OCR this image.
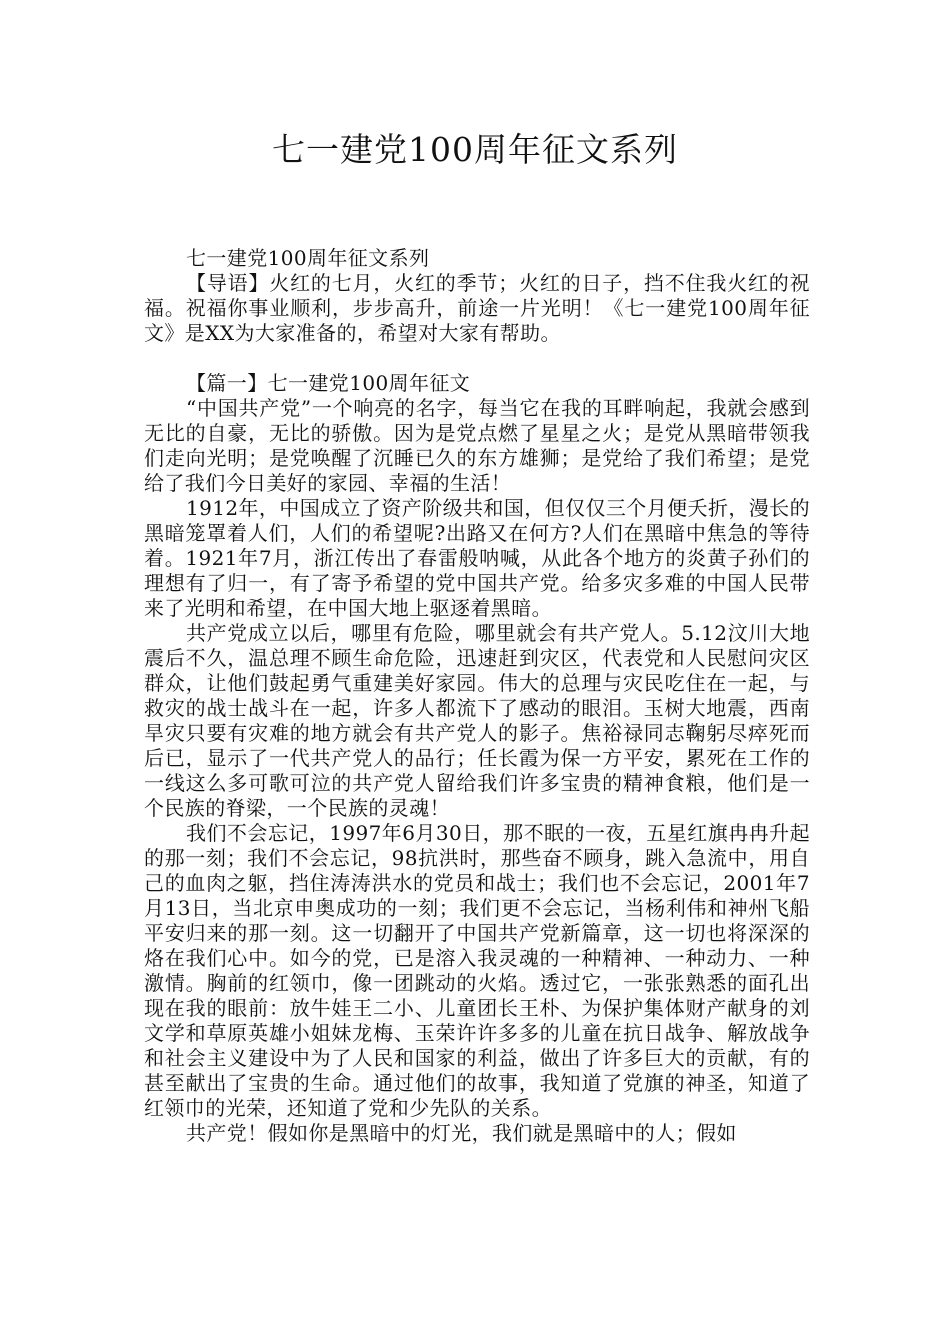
七一建党100周年征文系列

七一建党100周年征文系列

【导语】火红的七月，火红的季节；火红的日子，挡不住我火红的祝福。祝福你事业顺利，步步高升，前途一片光明！《七一建党100周年征文》是XX为大家准备的，希望对大家有帮助。

【篇一】七一建党100周年征文

“中国共产党”一个响亮的名字，每当它在我的耳畔响起，我就会感到无比的自豪，无比的骄傲。因为是党点燃了星星之火；是党从黑暗带领我们走向光明；是党唤醒了沉睡已久的东方雄狮；是党给了我们希望；是党给了我们今日美好的家园、幸福的生活！

1912年，中国成立了资产阶级共和国，但仅仅三个月便夭折，漫长的黑暗笼罩着人们，人们的希望呢?出路又在何方?人们在黑暗中焦急的等待着。1921年7月，浙江传出了春雷般呐喊，从此各个地方的炎黄子孙们的理想有了归一，有了寄予希望的党中国共产党。给多灾多难的中国人民带来了光明和希望，在中国大地上驱逐着黑暗。

共产党成立以后，哪里有危险，哪里就会有共产党人。5.12汶川大地震后不久，温总理不顾生命危险，迅速赶到灾区，代表党和人民慰问灾区群众，让他们鼓起勇气重建美好家园。伟大的总理与灾民吃住在一起，与救灾的战士战斗在一起，许多人都流下了感动的眼泪。玉树大地震，西南旱灾只要有灾难的地方就会有共产党人的影子。焦裕禄同志鞠躬尽瘁死而后已，显示了一代共产党人的品行；任长霞为保一方平安，累死在工作的一线这么多可歌可泣的共产党人留给我们许多宝贵的精神食粮，他们是一个民族的脊梁，一个民族的灵魂！

我们不会忘记，1997年6月30日，那不眠的一夜，五星红旗冉冉升起的那一刻；我们不会忘记，98抗洪时，那些奋不顾身，跳入急流中，用自己的血肉之躯，挡住涛涛洪水的党员和战士；我们也不会忘记，2001年7月13日，当北京申奥成功的一刻；我们更不会忘记，当杨利伟和神州飞船平安归来的那一刻。这一切翻开了中国共产党新篇章，这一切也将深深的烙在我们心中。如今的党，已是溶入我灵魂的一种精神、一种动力、一种激情。胸前的红领巾，像一团跳动的火焰。透过它，一张张熟悉的面孔出现在我的眼前：放牛娃王二小、儿童团长王朴、为保护集体财产献身的刘文学和草原英雄小姐妹龙梅、玉荣许许多多的儿童在抗日战争、解放战争和社会主义建设中为了人民和国家的利益，做出了许多巨大的贡献，有的甚至献出了宝贵的生命。通过他们的故事，我知道了党旗的神圣，知道了红领巾的光荣，还知道了党和少先队的关系。

共产党！假如你是黑暗中的灯光，我们就是黑暗中的人；假如
